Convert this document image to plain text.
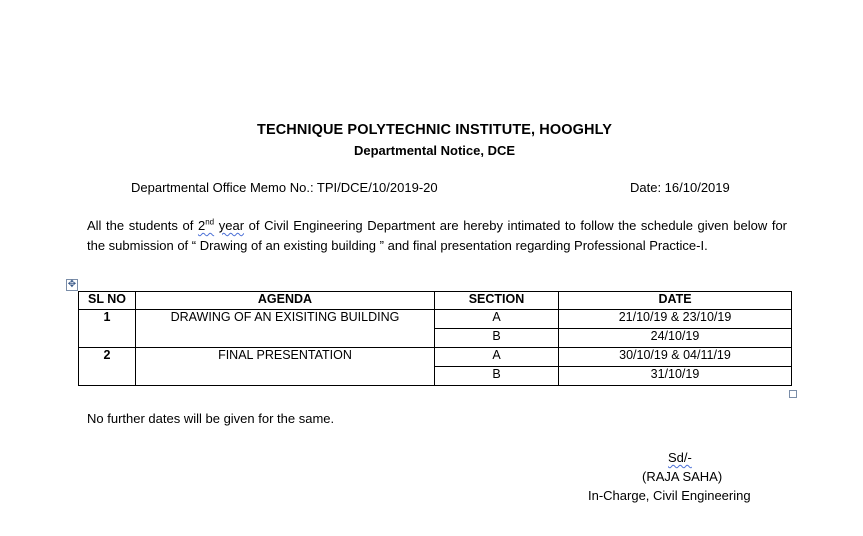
TECHNIQUE POLYTECHNIC INSTITUTE, HOOGHLY
Departmental Notice, DCE
Departmental Office Memo No.: TPI/DCE/10/2019-20	Date: 16/10/2019
All the students of 2nd year of Civil Engineering Department are hereby intimated to follow the schedule given below for the submission of “ Drawing of an existing building ” and final presentation regarding Professional Practice-I.
✥
SL NO	AGENDA	SECTION	DATE
1	DRAWING OF AN EXISITING BUILDING	A	21/10/19 & 23/10/19
		B	24/10/19
2	FINAL PRESENTATION	A	30/10/19 & 04/11/19
		B	31/10/19
No further dates will be given for the same.
Sd/-
(RAJA SAHA)
In-Charge, Civil Engineering
